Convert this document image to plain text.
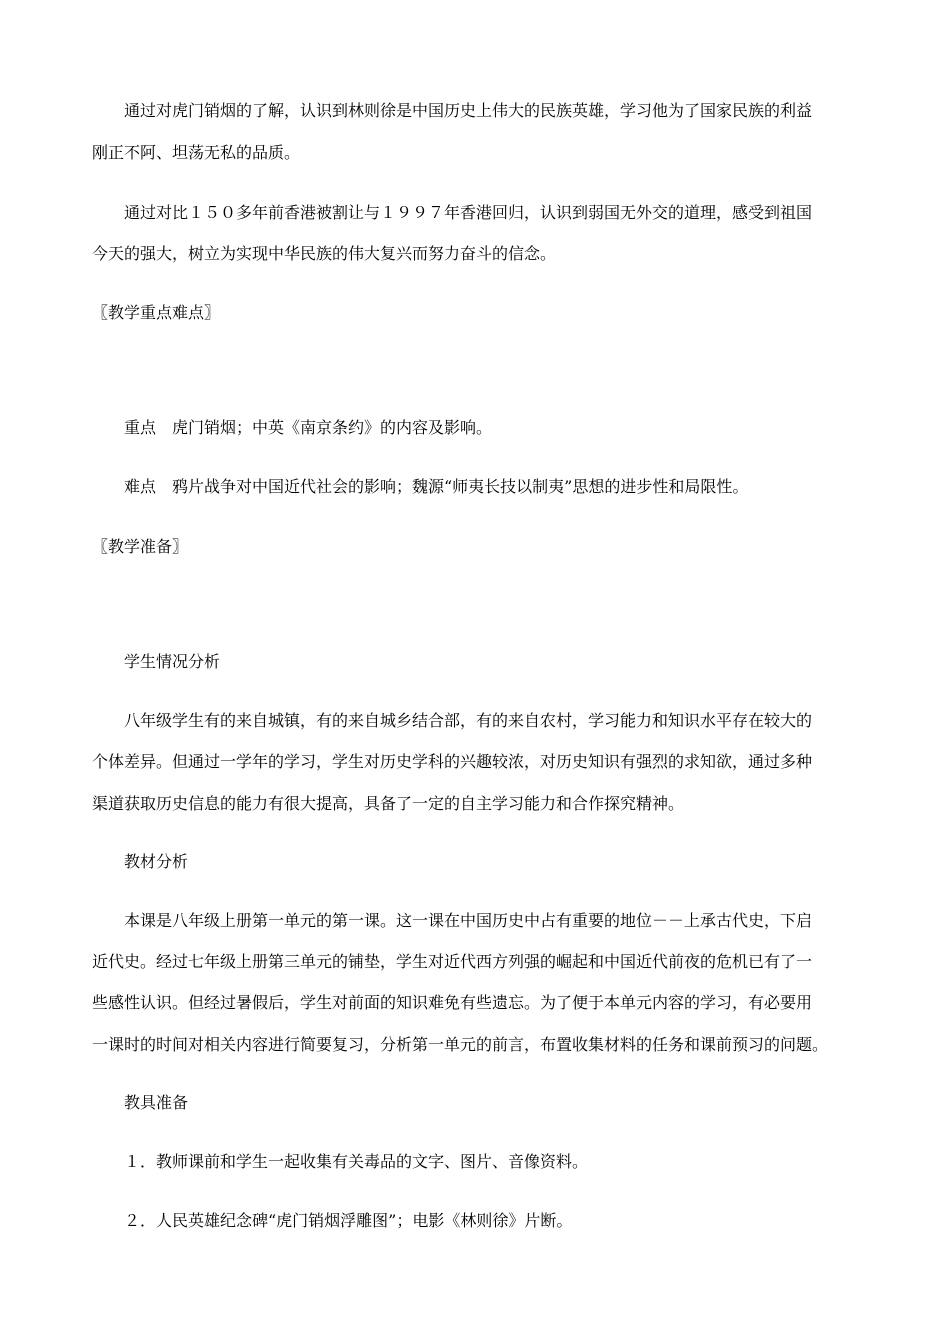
通过对虎门销烟的了解，认识到林则徐是中国历史上伟大的民族英雄，学习他为了国家民族的利益
刚正不阿、坦荡无私的品质。
通过对比１５０多年前香港被割让与１９９７年香港回归，认识到弱国无外交的道理，感受到祖国
今天的强大，树立为实现中华民族的伟大复兴而努力奋斗的信念。
〖教学重点难点〗
重点　虎门销烟；中英《南京条约》的内容及影响。
难点　鸦片战争对中国近代社会的影响；魏源“师夷长技以制夷”思想的进步性和局限性。
〖教学准备〗
学生情况分析
八年级学生有的来自城镇，有的来自城乡结合部，有的来自农村，学习能力和知识水平存在较大的
个体差异。但通过一学年的学习，学生对历史学科的兴趣较浓，对历史知识有强烈的求知欲，通过多种
渠道获取历史信息的能力有很大提高，具备了一定的自主学习能力和合作探究精神。
教材分析
本课是八年级上册第一单元的第一课。这一课在中国历史中占有重要的地位－－上承古代史，下启
近代史。经过七年级上册第三单元的铺垫，学生对近代西方列强的崛起和中国近代前夜的危机已有了一
些感性认识。但经过暑假后，学生对前面的知识难免有些遗忘。为了便于本单元内容的学习，有必要用
一课时的时间对相关内容进行简要复习，分析第一单元的前言，布置收集材料的任务和课前预习的问题。
教具准备
１．教师课前和学生一起收集有关毒品的文字、图片、音像资料。
２．人民英雄纪念碑“虎门销烟浮雕图”；电影《林则徐》片断。
